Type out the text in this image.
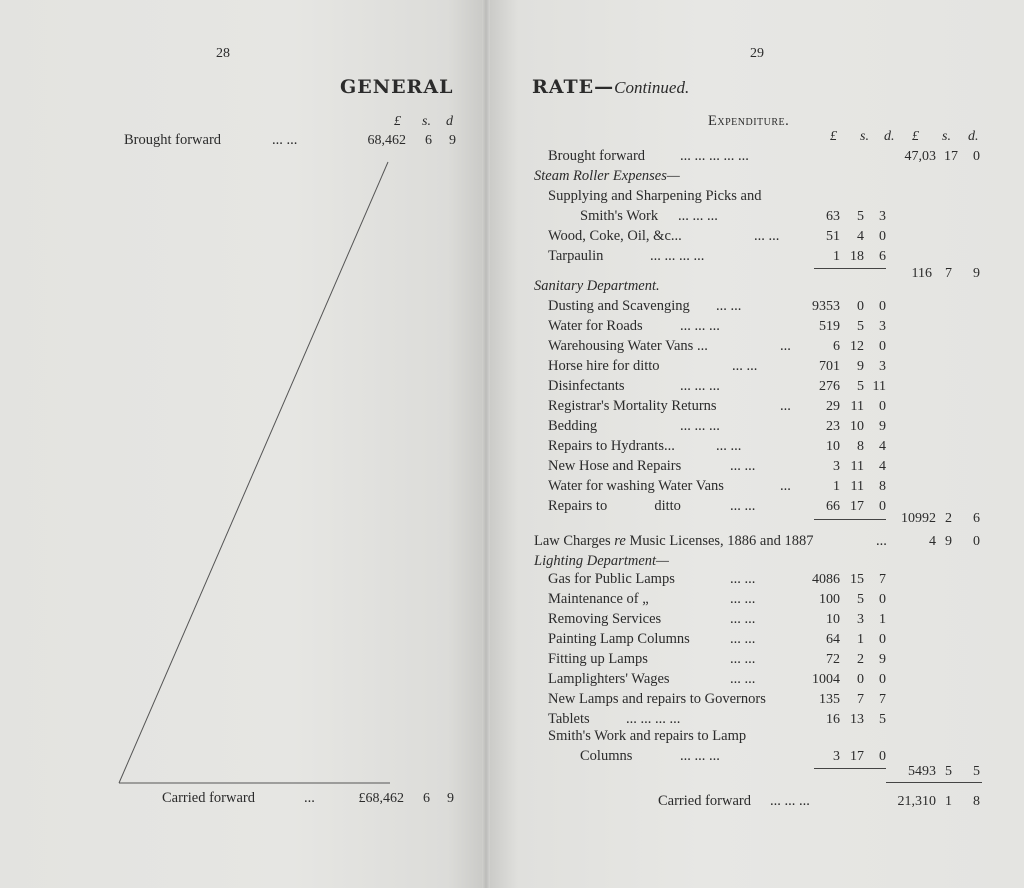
28
GENERAL
£ s. d
Brought forward	... ...	68,462	6	9
Carried forward	...	£68,462	6	9
29
RATE—Continued.
Expenditure.
£ s. d. £ s. d.
Brought forward ... ... ... ... ...	47,03 17	0
Steam Roller Expenses—
Supplying and Sharpening Picks and
Smith's Work ... ... ...	63	5	3
Wood, Coke, Oil, &c...	... ...	51	4	0
Tarpaulin	... ... ... ...	1 18	6
116 7	9
Sanitary Department.
Dusting and Scavenging ... ...	9353	0	0
Water for Roads	... ... ...	519	5	3
Warehousing Water Vans ...	...	6 12	0
Horse hire for ditto	... ...	701	9	3
Disinfectants	... ... ...	276	5 11
Registrar's Mortality Returns	...	29 11	0
Bedding	... ... ...	23 10	9
Repairs to Hydrants...	... ...	10	8	4
New Hose and Repairs	... ...	3 11	4
Water for washing Water Vans	...	1 11	8
Repairs to             ditto	... ...	66 17	0
10992 2	6
Law Charges re Music Licenses, 1886 and 1887	...	4 9	0
Lighting Department—
Gas for Public Lamps	... ...	4086 15	7
Maintenance of „	... ...	100	5	0
Removing Services	... ...	10	3	1
Painting Lamp Columns	... ...	64	1	0
Fitting up Lamps	... ...	72	2	9
Lamplighters' Wages	... ...	1004	0	0
New Lamps and repairs to Governors	135	7	7
Tablets	... ... ... ...	16 13	5
Smith's Work and repairs to Lamp
Columns	... ... ...	3 17	0
5493 5	5
Carried forward ... ... ...	21,310 1	8
